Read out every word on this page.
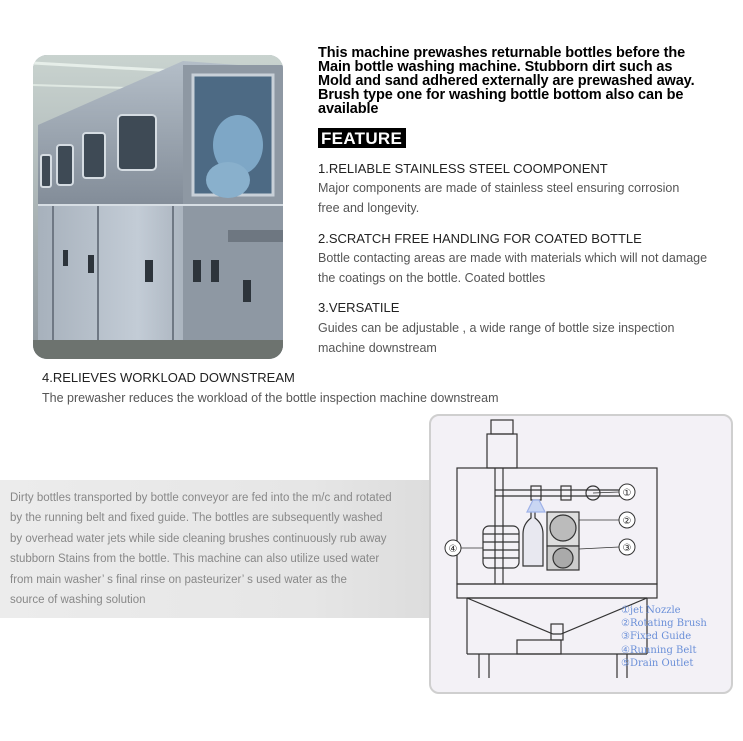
This machine prewashes returnable bottles before the
Main bottle washing machine. Stubborn dirt such as
Mold and sand adhered externally are prewashed away.
Brush type one for washing bottle bottom also can be
available
FEATURE
1.RELIABLE STAINLESS STEEL COOMPONENT
Major components are made of stainless steel ensuring corrosion
free and longevity.
2.SCRATCH FREE HANDLING FOR COATED BOTTLE
Bottle contacting areas are made with materials which will not damage
the coatings on the bottle. Coated bottles
3.VERSATILE
Guides can be adjustable , a wide range of bottle size inspection
machine downstream
4.RELIEVES WORKLOAD DOWNSTREAM
The prewasher reduces the workload of the bottle inspection machine downstream
Dirty bottles transported by bottle conveyor are fed into the m/c and rotated
by the running belt and fixed guide. The bottles are subsequently washed
by overhead water jets while side cleaning brushes continuously rub away
stubborn Stains from the bottle. This machine can also utilize used water
from main washer’ s final rinse on pasteurizer’ s used water as the
source of washing solution
①
②
③
④
①jet Nozzle
②Rotating Brush
③Fixed Guide
④Running Belt
⑤Drain Outlet
